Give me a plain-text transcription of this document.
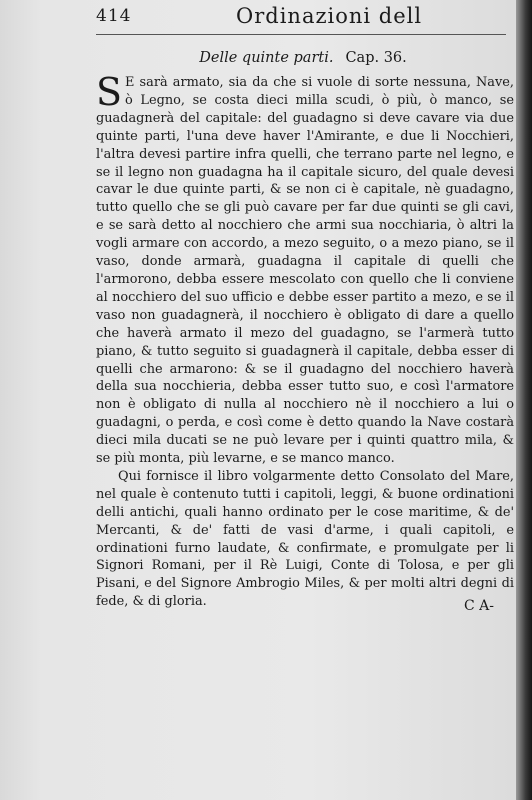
414	Ordinazioni dell
Delle quinte parti. Cap. 36.

S E sarà armato, sia da che si vuole di sorte nessuna, Nave, ò Legno, se costa dieci milla scudi, ò più, ò manco, se guadagnerà del capitale: del guadagno si deve cavare via due quinte parti, l'una deve haver l'Amirante, e due li Nocchieri, l'altra devesi partire infra quelli, che terrano parte nel legno, e se il legno non guadagna ha il capitale sicuro, del quale devesi cavar le due quinte parti, & se non ci è capitale, nè guadagno, tutto quello che se gli può cavare per far due quinti se gli cavi, e se sarà detto al nocchiero che armi sua nocchiaria, ò altri la vogli armare con accordo, a mezo seguito, o a mezo piano, se il vaso, donde armarà, guadagna il capitale di quelli che l'armorono, debba essere mescolato con quello che li conviene al nocchiero del suo ufficio e debbe esser partito a mezo, e se il vaso non guadagnerà, il nocchiero è obligato di dare a quello che haverà armato il mezo del guadagno, se l'armerà tutto piano, & tutto seguito si guadagnerà il capitale, debba esser di quelli che armarono: & se il guadagno del nocchiero haverà della sua nocchieria, debba esser tutto suo, e così l'armatore non è obligato di nulla al nocchiero nè il nocchiero a lui o guadagni, o perda, e così come è detto quando la Nave costarà dieci mila ducati se ne può levare per i quinti quattro mila, & se più monta, più levarne, e se manco manco.

Qui fornisce il libro volgarmente detto Consolato del Mare, nel quale è contenuto tutti i capitoli, leggi, & buone ordinationi delli antichi, quali hanno ordinato per le cose maritime, & de' Mercanti, & de' fatti de vasi d'arme, i quali capitoli, e ordinationi furno laudate, & confirmate, e promulgate per li Signori Romani, per il Rè Luigi, Conte di Tolosa, e per gli Pisani, e del Signore Ambrogio Miles, & per molti altri degni di fede, & di gloria.	C A-
